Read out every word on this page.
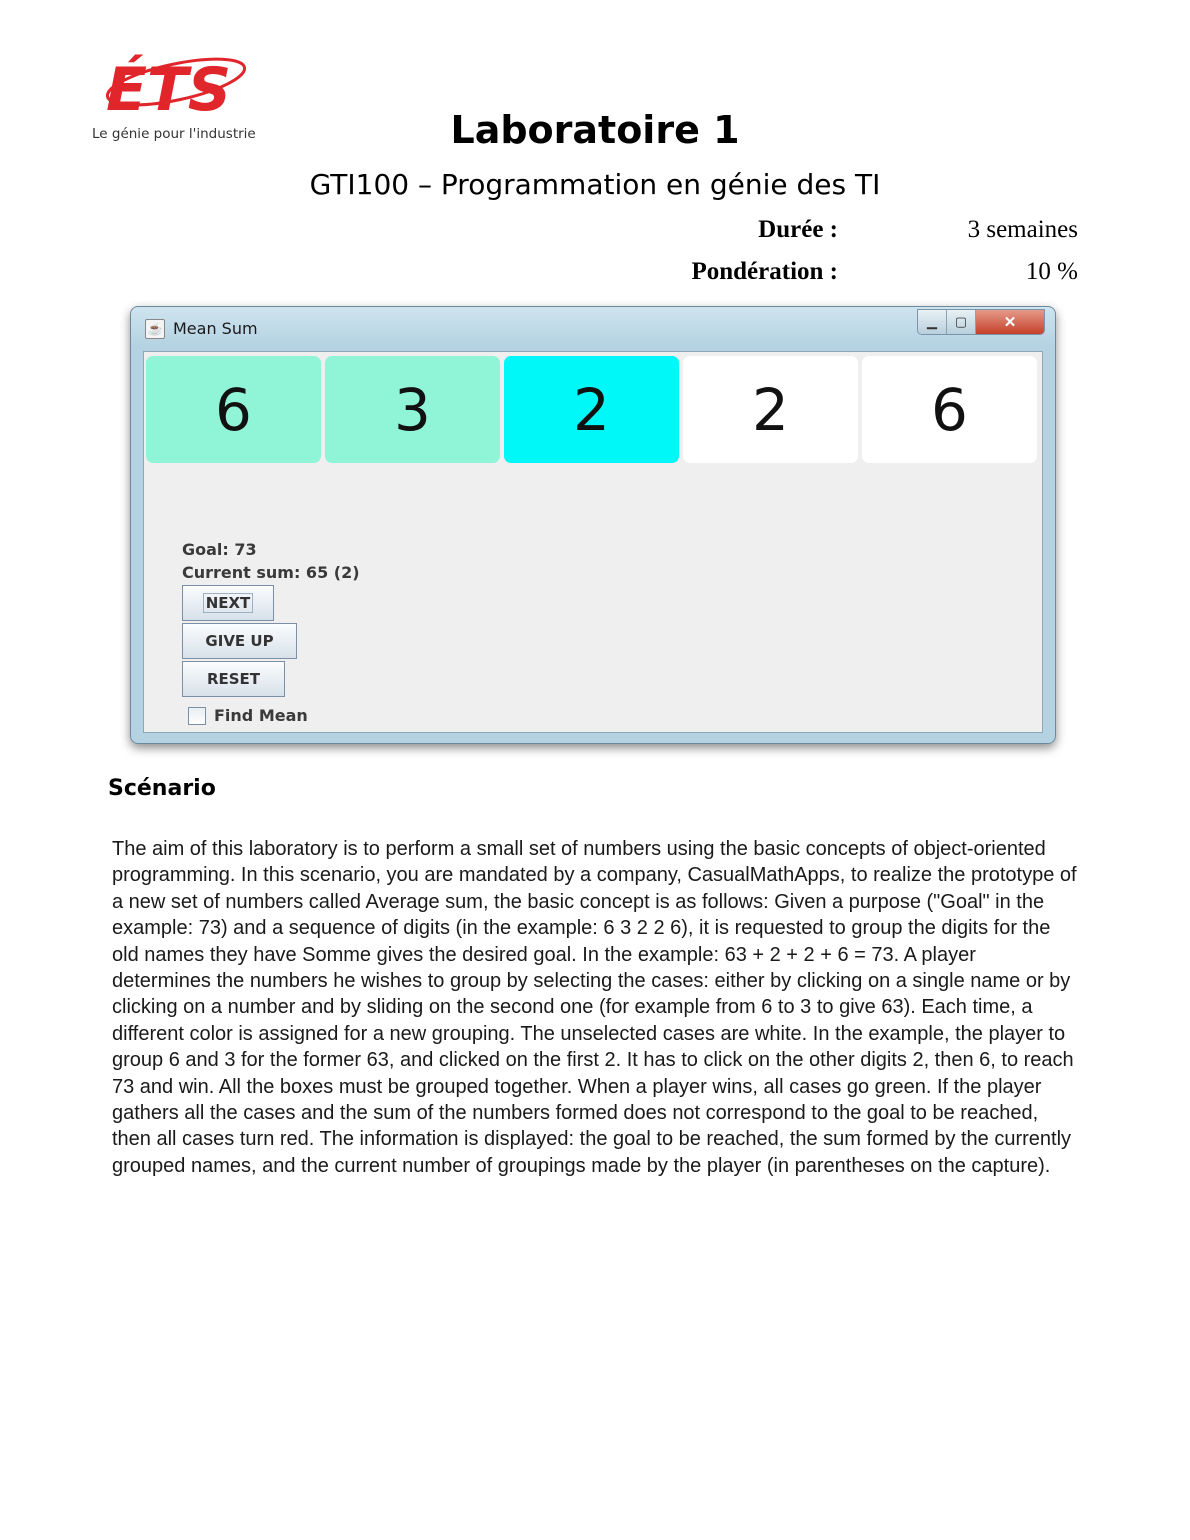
ÉTS
Le génie pour l'industrie	Laboratoire 1
GTI100 – Programmation en génie des TI
Durée :	3 semaines
Pondération :	10 %
☕ Mean Sum	▁	▢	✕
6	3	2	2	6
Goal: 73
Current sum: 65 (2)
NEXT
GIVE UP
RESET
Find Mean
Scénario

The aim of this laboratory is to perform a small set of numbers using the basic concepts of object-oriented programming. In this scenario, you are mandated by a company, CasualMathApps, to realize the prototype of a new set of numbers called Average sum, the basic concept is as follows: Given a purpose ("Goal" in the example: 73) and a sequence of digits (in the example: 6 3 2 2 6), it is requested to group the digits for the old names they have Somme gives the desired goal. In the example: 63 + 2 + 2 + 6 = 73. A player determines the numbers he wishes to group by selecting the cases: either by clicking on a single name or by clicking on a number and by sliding on the second one (for example from 6 to 3 to give 63). Each time, a different color is assigned for a new grouping. The unselected cases are white. In the example, the player to group 6 and 3 for the former 63, and clicked on the first 2. It has to click on the other digits 2, then 6, to reach 73 and win. All the boxes must be grouped together. When a player wins, all cases go green. If the player gathers all the cases and the sum of the numbers formed does not correspond to the goal to be reached, then all cases turn red. The information is displayed: the goal to be reached, the sum formed by the currently grouped names, and the current number of groupings made by the player (in parentheses on the capture).
